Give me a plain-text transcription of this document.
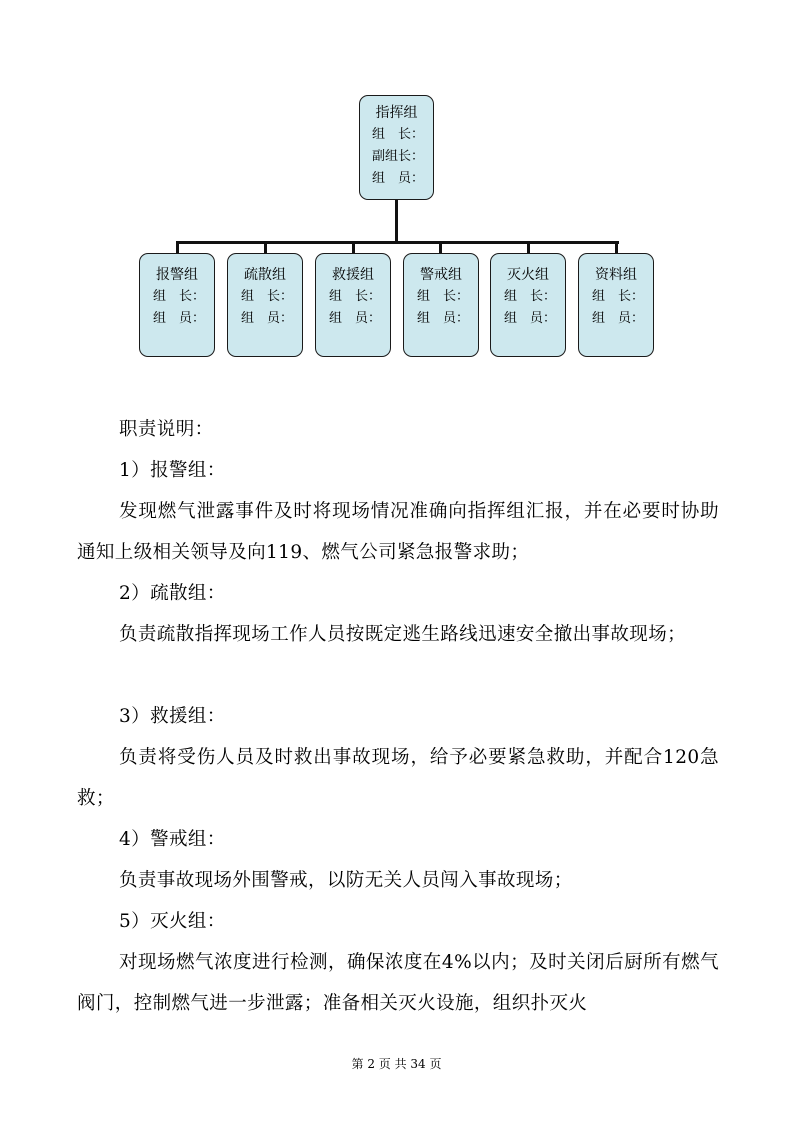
指挥组
组　长：
副组长：
组　员：
报警组
组　长：
组　员：
疏散组
组　长：
组　员：
救援组
组　长：
组　员：
警戒组
组　长：
组　员：
灭火组
组　长：
组　员：
资料组
组　长：
组　员：
职责说明：
1）报警组：
发现燃气泄露事件及时将现场情况准确向指挥组汇报，并在必要时协助通知上级相关领导及向119、燃气公司紧急报警求助；
2）疏散组：
负责疏散指挥现场工作人员按既定逃生路线迅速安全撤出事故现场；
3）救援组：
负责将受伤人员及时救出事故现场，给予必要紧急救助，并配合120急救；
4）警戒组：
负责事故现场外围警戒，以防无关人员闯入事故现场；
5）灭火组：
对现场燃气浓度进行检测，确保浓度在4%以内；及时关闭后厨所有燃气阀门，控制燃气进一步泄露；准备相关灭火设施，组织扑灭火
第 2 页 共 34 页
